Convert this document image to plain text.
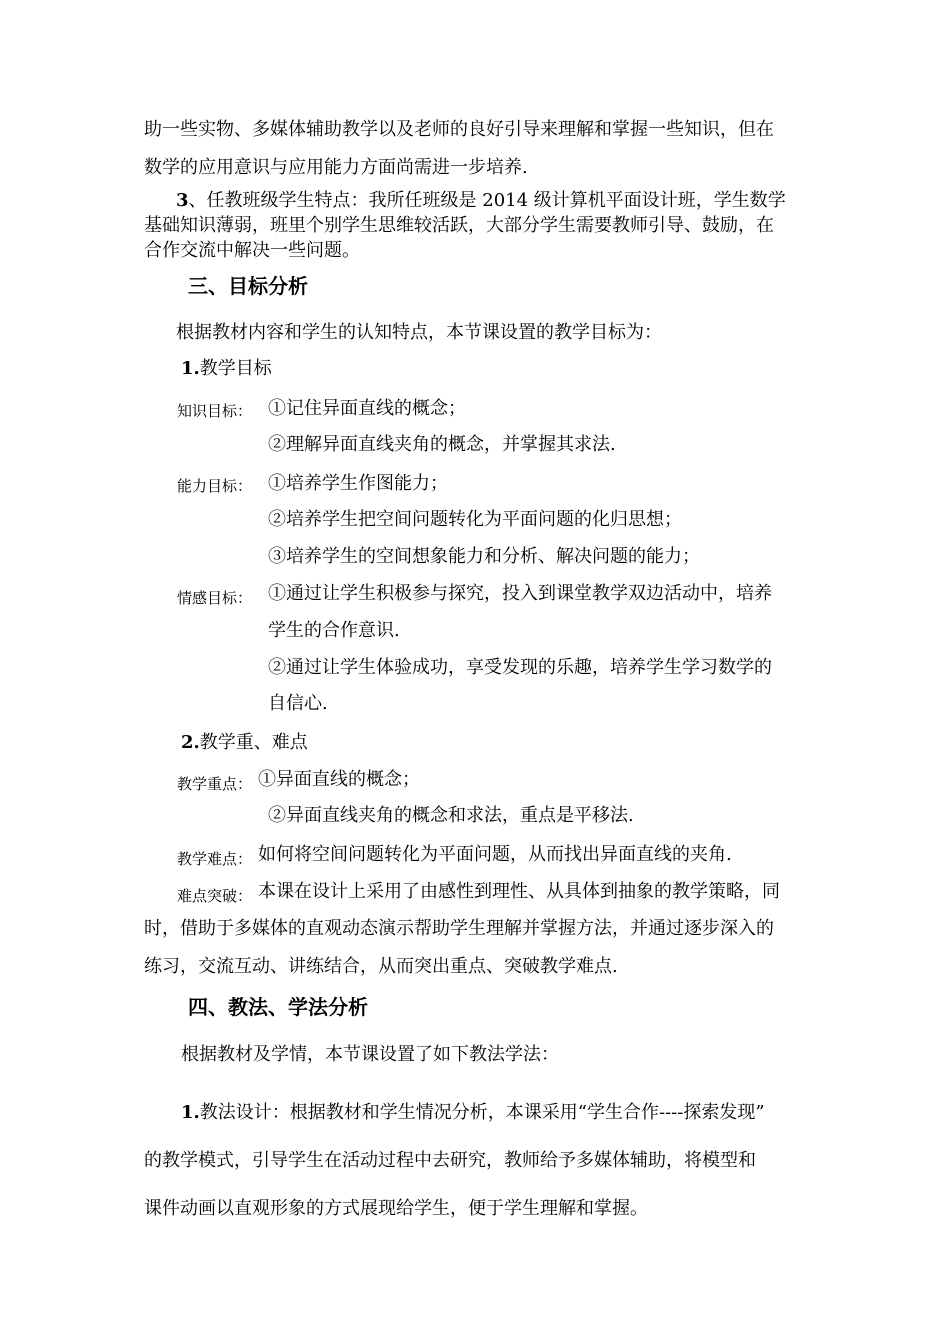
助一些实物、多媒体辅助教学以及老师的良好引导来理解和掌握一些知识，但在
数学的应用意识与应用能力方面尚需进一步培养.
3、任教班级学生特点：我所任班级是 2014 级计算机平面设计班，学生数学
基础知识薄弱，班里个别学生思维较活跃，大部分学生需要教师引导、鼓励，在
合作交流中解决一些问题。
三、目标分析
根据教材内容和学生的认知特点，本节课设置的教学目标为：
1.教学目标
知识目标： ①记住异面直线的概念；
②理解异面直线夹角的概念，并掌握其求法.
能力目标： ①培养学生作图能力；
②培养学生把空间问题转化为平面问题的化归思想；
③培养学生的空间想象能力和分析、解决问题的能力；
情感目标： ①通过让学生积极参与探究，投入到课堂教学双边活动中，培养
学生的合作意识.
②通过让学生体验成功，享受发现的乐趣，培养学生学习数学的
自信心.
2.教学重、难点
教学重点： ①异面直线的概念；
②异面直线夹角的概念和求法，重点是平移法.
教学难点： 如何将空间问题转化为平面问题，从而找出异面直线的夹角.
难点突破： 本课在设计上采用了由感性到理性、从具体到抽象的教学策略，同
时，借助于多媒体的直观动态演示帮助学生理解并掌握方法，并通过逐步深入的
练习，交流互动、讲练结合，从而突出重点、突破教学难点.
四、教法、学法分析
根据教材及学情，本节课设置了如下教法学法：
1.教法设计：根据教材和学生情况分析，本课采用“学生合作----探索发现”
的教学模式，引导学生在活动过程中去研究，教师给予多媒体辅助，将模型和
课件动画以直观形象的方式展现给学生，便于学生理解和掌握。
